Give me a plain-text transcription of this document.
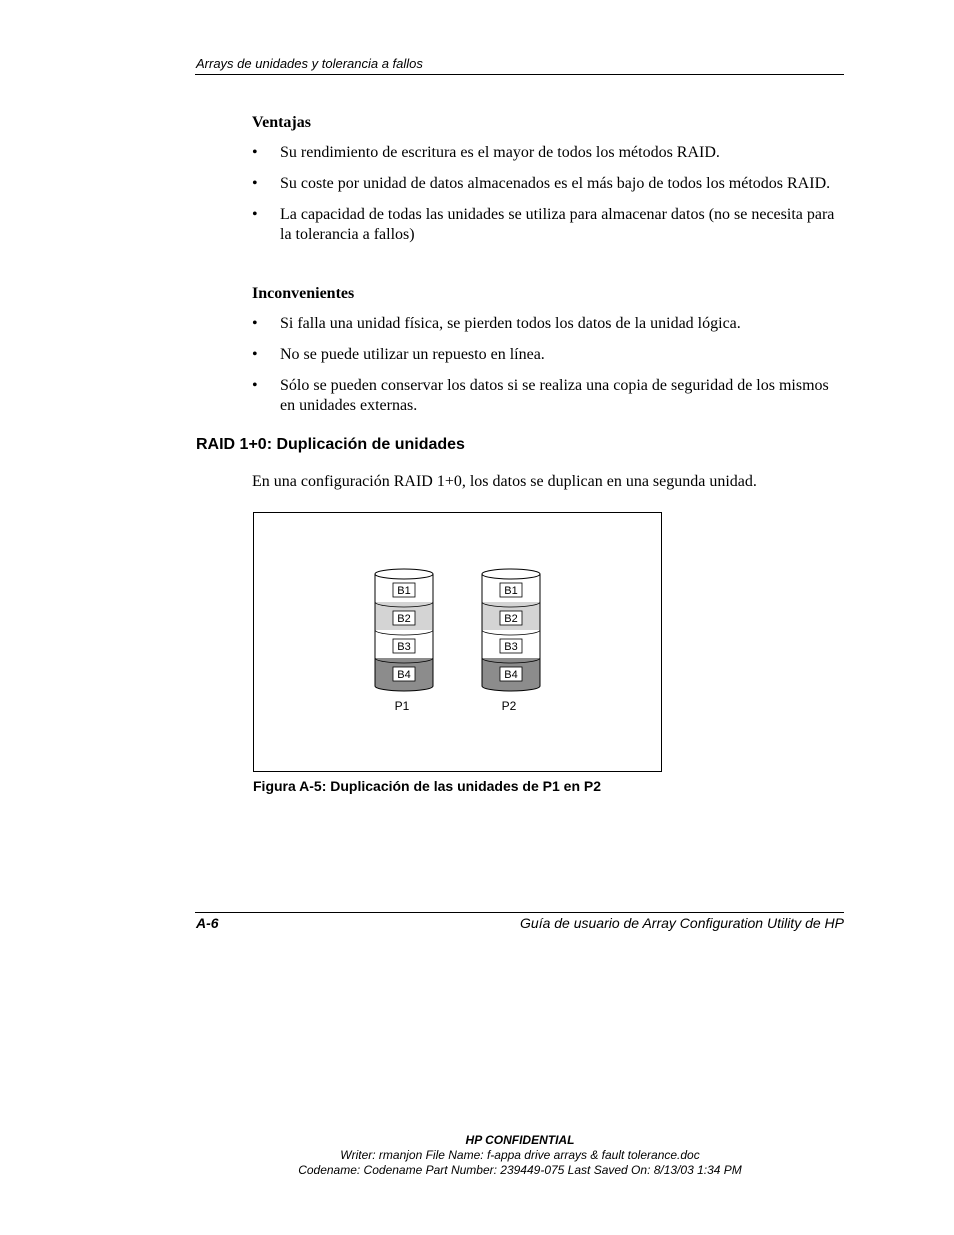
Arrays de unidades y tolerancia a fallos
Ventajas
• Su rendimiento de escritura es el mayor de todos los métodos RAID.
• Su coste por unidad de datos almacenados es el más bajo de todos los métodos RAID.
• La capacidad de todas las unidades se utiliza para almacenar datos (no se necesita para la tolerancia a fallos)
Inconvenientes
• Si falla una unidad física, se pierden todos los datos de la unidad lógica.
• No se puede utilizar un repuesto en línea.
• Sólo se pueden conservar los datos si se realiza una copia de seguridad de los mismos en unidades externas.
RAID 1+0: Duplicación de unidades
En una configuración RAID 1+0, los datos se duplican en una segunda unidad.
B1
B2
B3
B4
P1
B1
B2
B3
B4
P2
Figura A-5: Duplicación de las unidades de P1 en P2
A-6	Guía de usuario de Array Configuration Utility de HP
HP CONFIDENTIAL
Writer: rmanjon File Name: f-appa drive arrays & fault tolerance.doc
Codename: Codename Part Number: 239449-075 Last Saved On: 8/13/03 1:34 PM
